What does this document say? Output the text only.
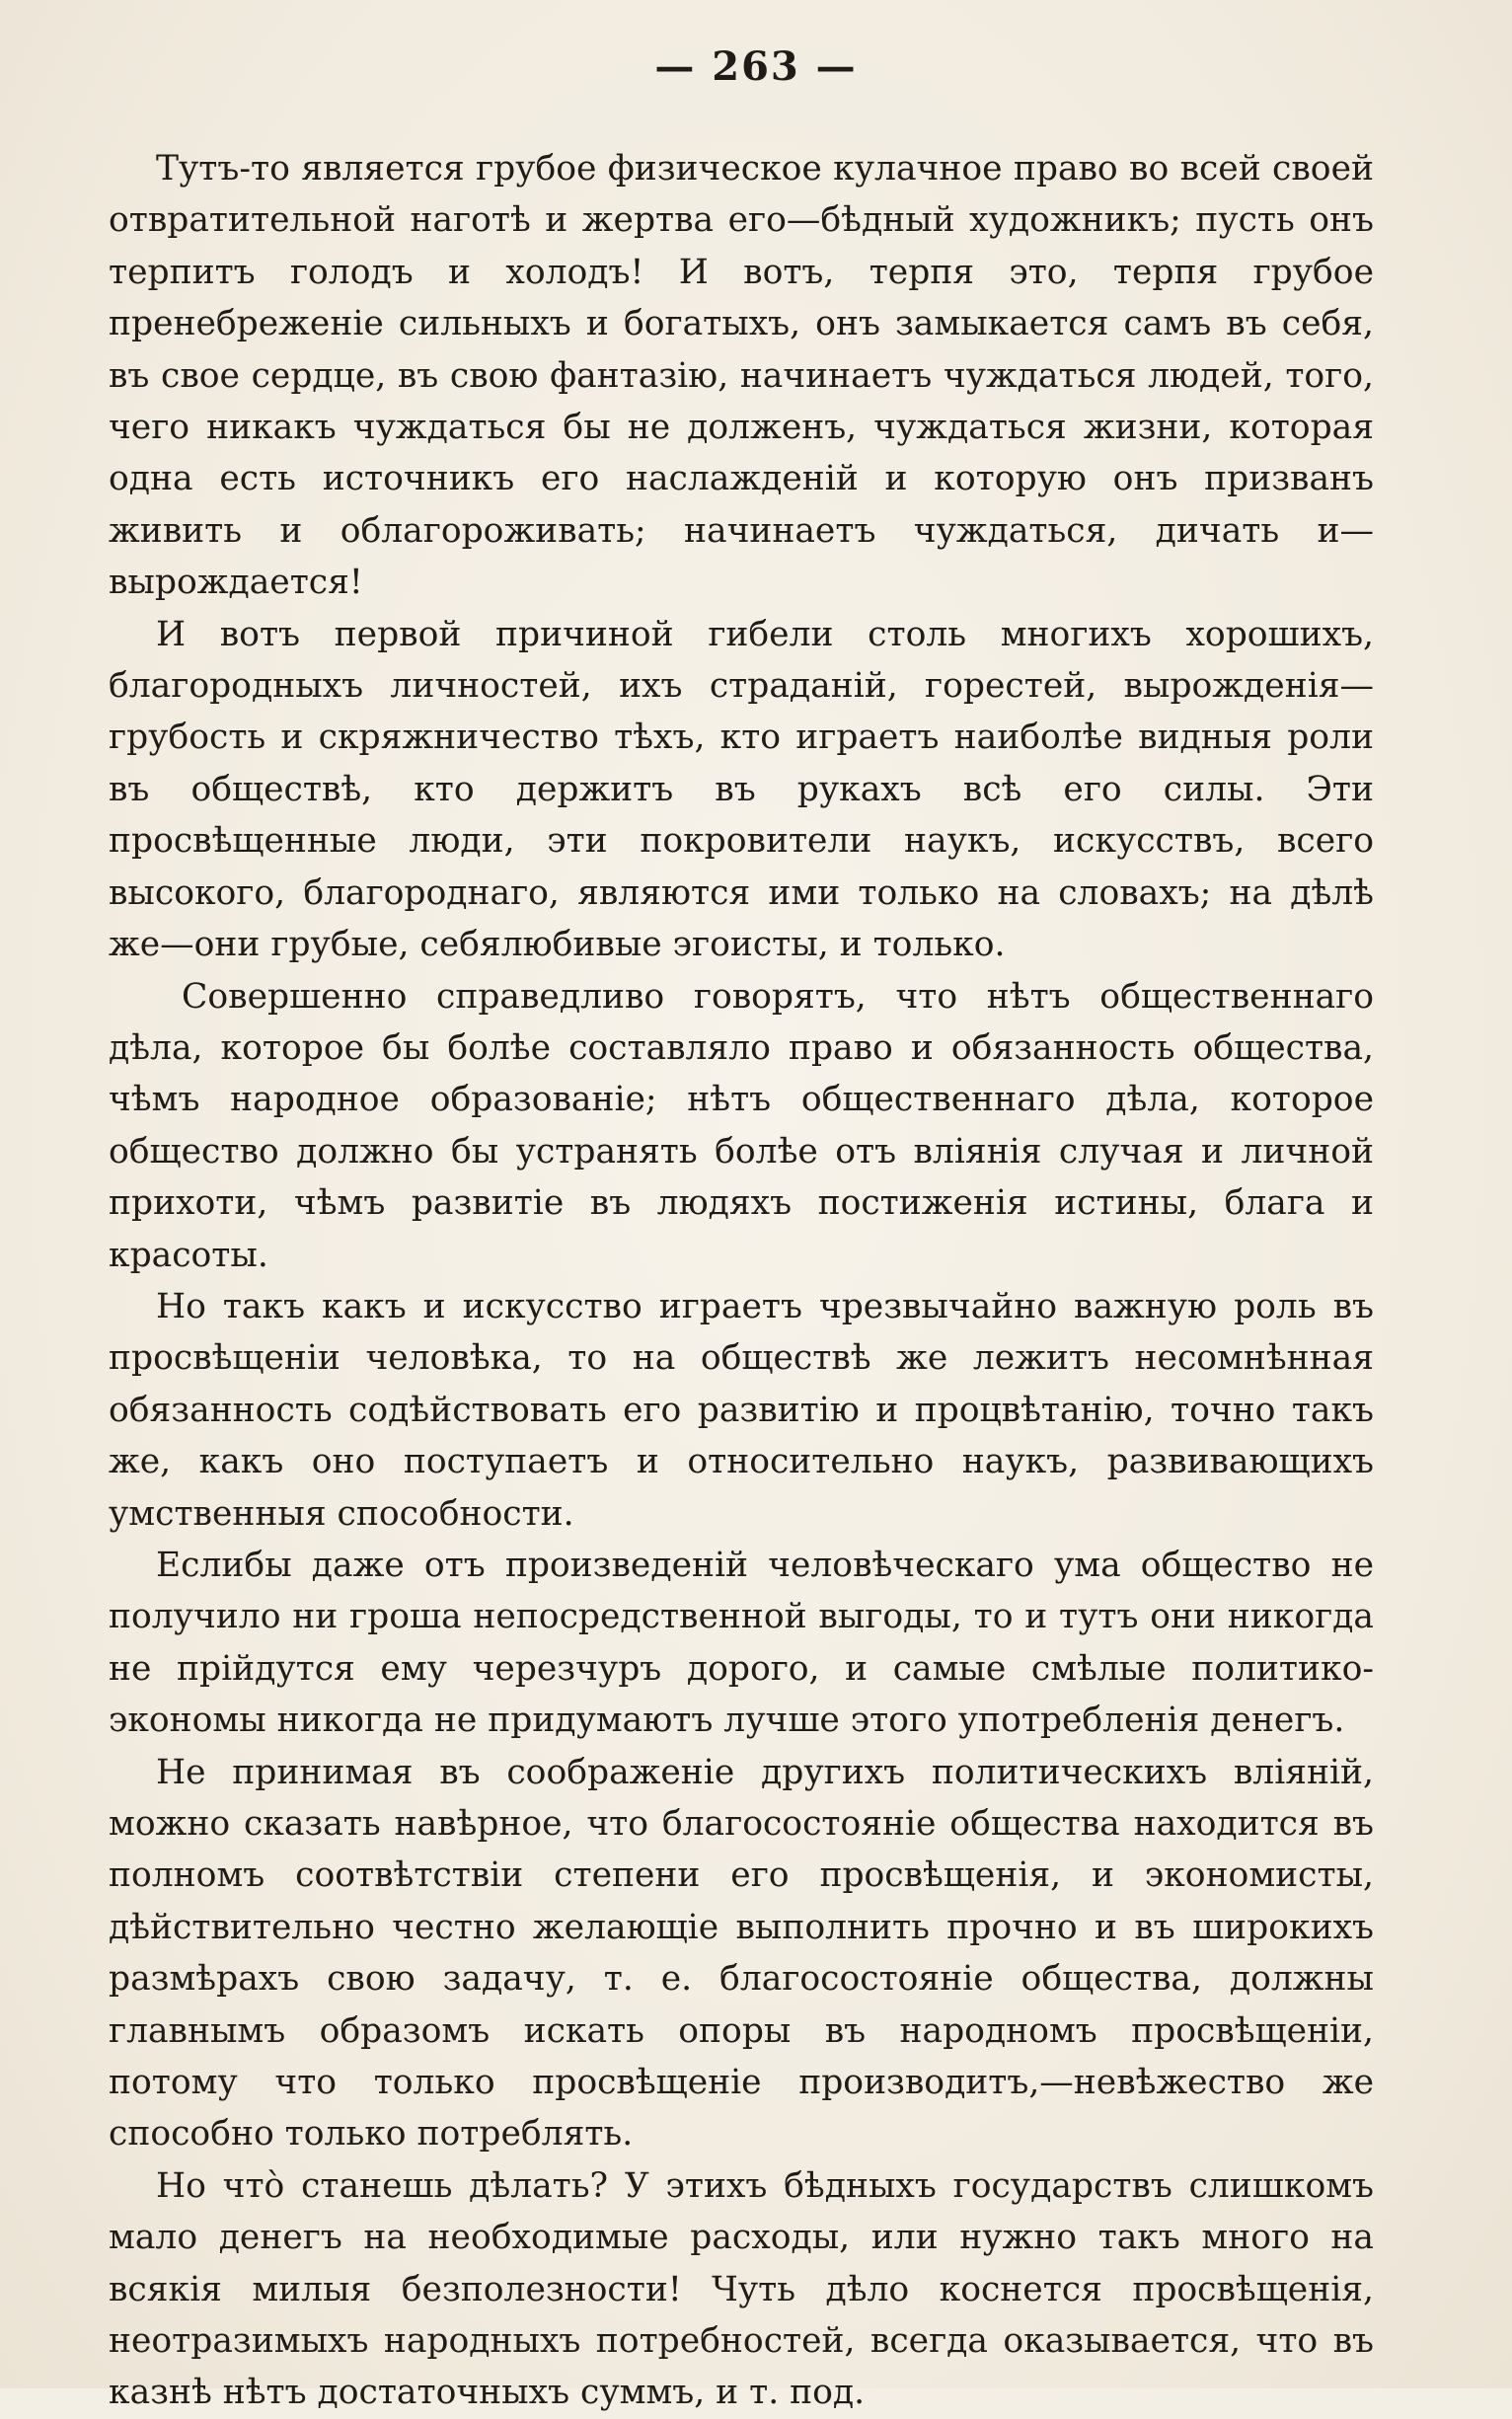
— 263 —

Тутъ-то является грубое физическое кулачное право во всей своей отвратительной наготѣ и жертва его—бѣдный художникъ; пусть онъ терпитъ голодъ и холодъ! И вотъ, терпя это, терпя грубое пренебреженіе сильныхъ и богатыхъ, онъ замыкается самъ въ себя, въ свое сердце, въ свою фантазію, начинаетъ чуждаться людей, того, чего никакъ чуждаться бы не долженъ, чуждаться жизни, которая одна есть источникъ его наслажденій и которую онъ призванъ живить и облагороживать; начинаетъ чуждаться, дичать и—вырождается!

И вотъ первой причиной гибели столь многихъ хорошихъ, благородныхъ личностей, ихъ страданій, горестей, вырожденія—грубость и скряжничество тѣхъ, кто играетъ наиболѣе видныя роли въ обществѣ, кто держитъ въ рукахъ всѣ его силы. Эти просвѣщенные люди, эти покровители наукъ, искусствъ, всего высокого, благороднаго, являются ими только на словахъ; на дѣлѣ же—они грубые, себялюбивые эгоисты, и только.

Совершенно справедливо говорятъ, что нѣтъ общественнаго дѣла, которое бы болѣе составляло право и обязанность общества, чѣмъ народное образованіе; нѣтъ общественнаго дѣла, которое общество должно бы устранять болѣе отъ вліянія случая и личной прихоти, чѣмъ развитіе въ людяхъ постиженія истины, блага и красоты.

Но такъ какъ и искусство играетъ чрезвычайно важную роль въ просвѣщеніи человѣка, то на обществѣ же лежитъ несомнѣнная обязанность содѣйствовать его развитію и процвѣтанію, точно такъ же, какъ оно поступаетъ и относительно наукъ, развивающихъ умственныя способности.

Еслибы даже отъ произведеній человѣческаго ума общество не получило ни гроша непосредственной выгоды, то и тутъ они никогда не прійдутся ему черезчуръ дорого, и самые смѣлые политико-экономы никогда не придумаютъ лучше этого употребленія денегъ.

Не принимая въ соображеніе другихъ политическихъ вліяній, можно сказать навѣрное, что благосостояніе общества находится въ полномъ соотвѣтствіи степени его просвѣщенія, и экономисты, дѣйствительно честно желающіе выполнить прочно и въ широкихъ размѣрахъ свою задачу, т. е. благосостояніе общества, должны главнымъ образомъ искать опоры въ народномъ просвѣщеніи, потому что только просвѣщеніе производитъ,—невѣжество же способно только потреблять.

Но что̀ станешь дѣлать? У этихъ бѣдныхъ государствъ слишкомъ мало денегъ на необходимые расходы, или нужно такъ много на всякія милыя безполезности! Чуть дѣло коснется просвѣщенія, неотразимыхъ народныхъ потребностей, всегда оказывается, что въ казнѣ нѣтъ достаточныхъ суммъ, и т. под.
